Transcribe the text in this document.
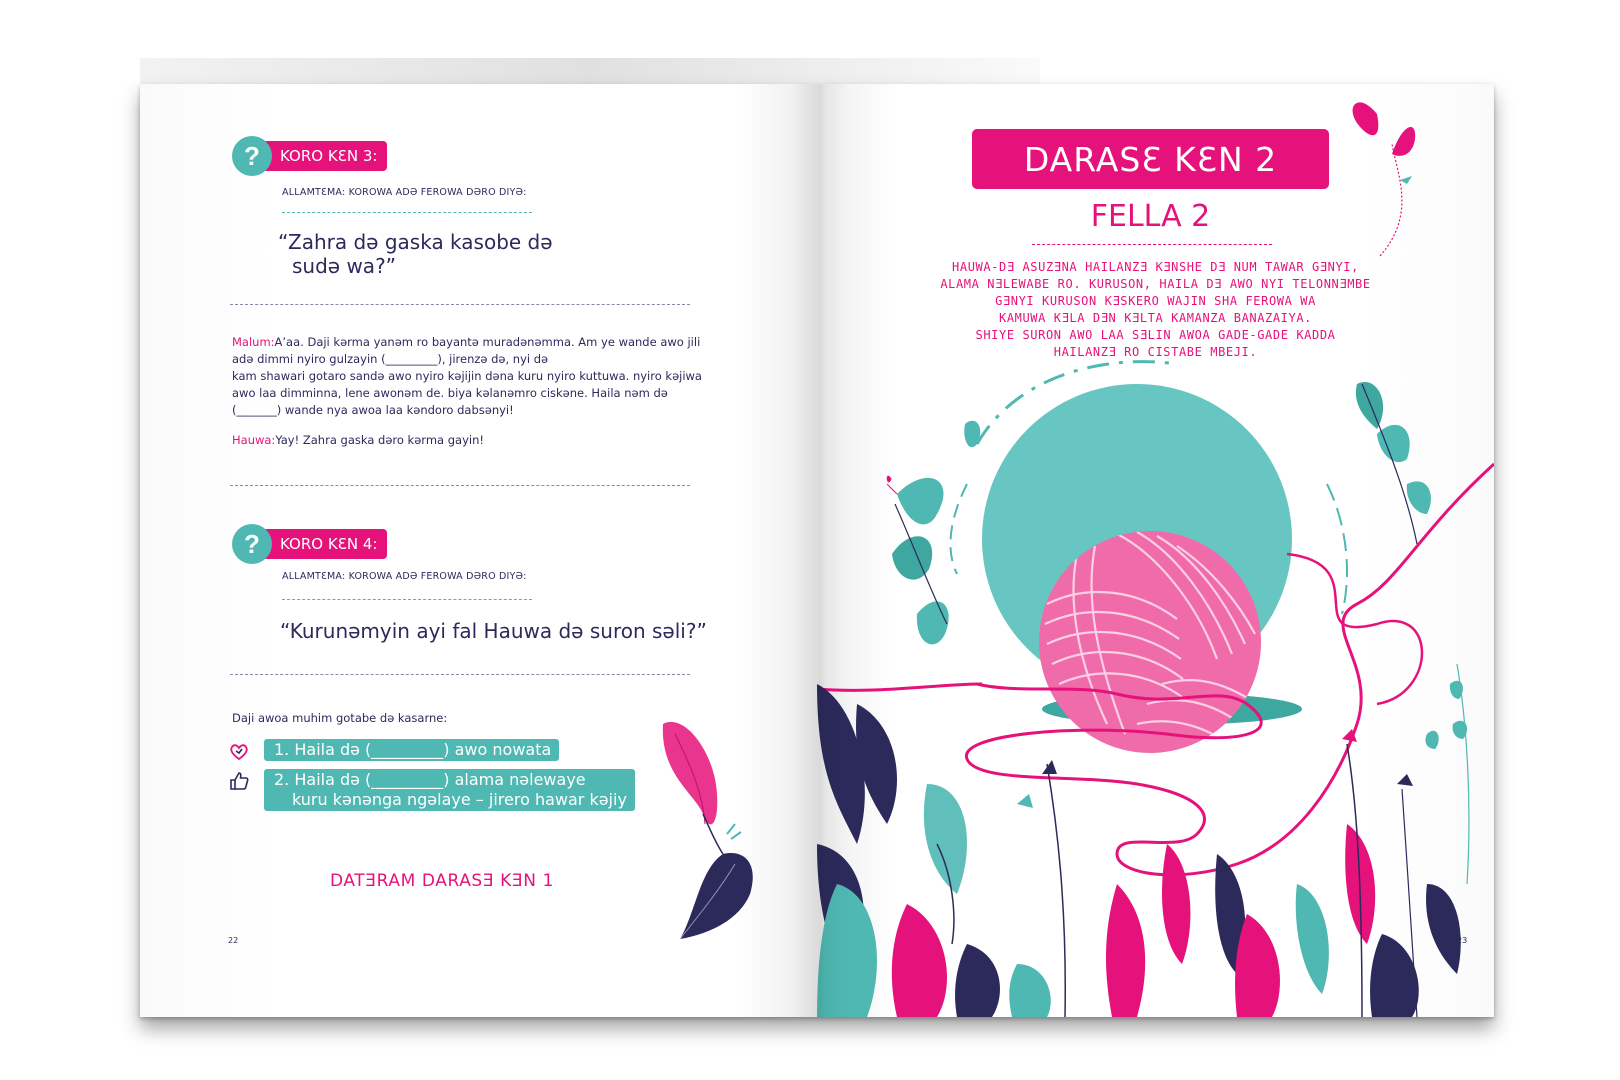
?	KORO KƐN 3:
ALLAMTƐMA: KOROWA ADƏ FEROWA DƏRO DIYƏ:
“Zahra də gaska kasobe də
sudə wa?”
Malum:A’aa. Daji kərma yanəm ro bayantə muradənəmma. Am ye wande awo jili
adə dimmi nyiro gulzayin (_________), jirenzə də, nyi də
kam shawari gotaro sandə awo nyiro kəjijin dəna kuru nyiro kuttuwa. nyiro kəjiwa
awo laa dimminna, lene awonəm de. biya kəlanəmro ciskəne. Haila nəm də
(_______) wande nya awoa laa kəndoro dabsənyi!
Hauwa:Yay! Zahra gaska dəro kərma gayin!
?	KORO KƐN 4:
ALLAMTƐMA: KOROWA ADƏ FEROWA DƏRO DIYƏ:
“Kurunəmyin ayi fal Hauwa də suron səli?”
Daji awoa muhim gotabe də kasarne:
1. Haila də (_________) awo nowata
2. Haila də (_________) alama nəlewaye
kuru kənənga ngəlaye – jirero hawar kəjiy
DATƎRAM DARASƎ KƎN 1
22
DARASƐ KƐN 2
FELLA 2
HAUWA-DƎ ASUZƎNA HAILANZƎ KƎNSHE DƎ NUM TAWAR GƎNYI,
ALAMA NƎLEWABE RO. KURUSON, HAILA DƎ AWO NYI TELONNƎMBE
GƎNYI KURUSON KƎSKERO WAJIN SHA FEROWA WA
KAMUWA KƎLA DƎN KƎLTA KAMANZA BANAZAIYA.
SHIYE SURON AWO LAA SƎLIN AWOA GADE-GADE KADDA
HAILANZƎ RO CISTABE MBEJI.
23
